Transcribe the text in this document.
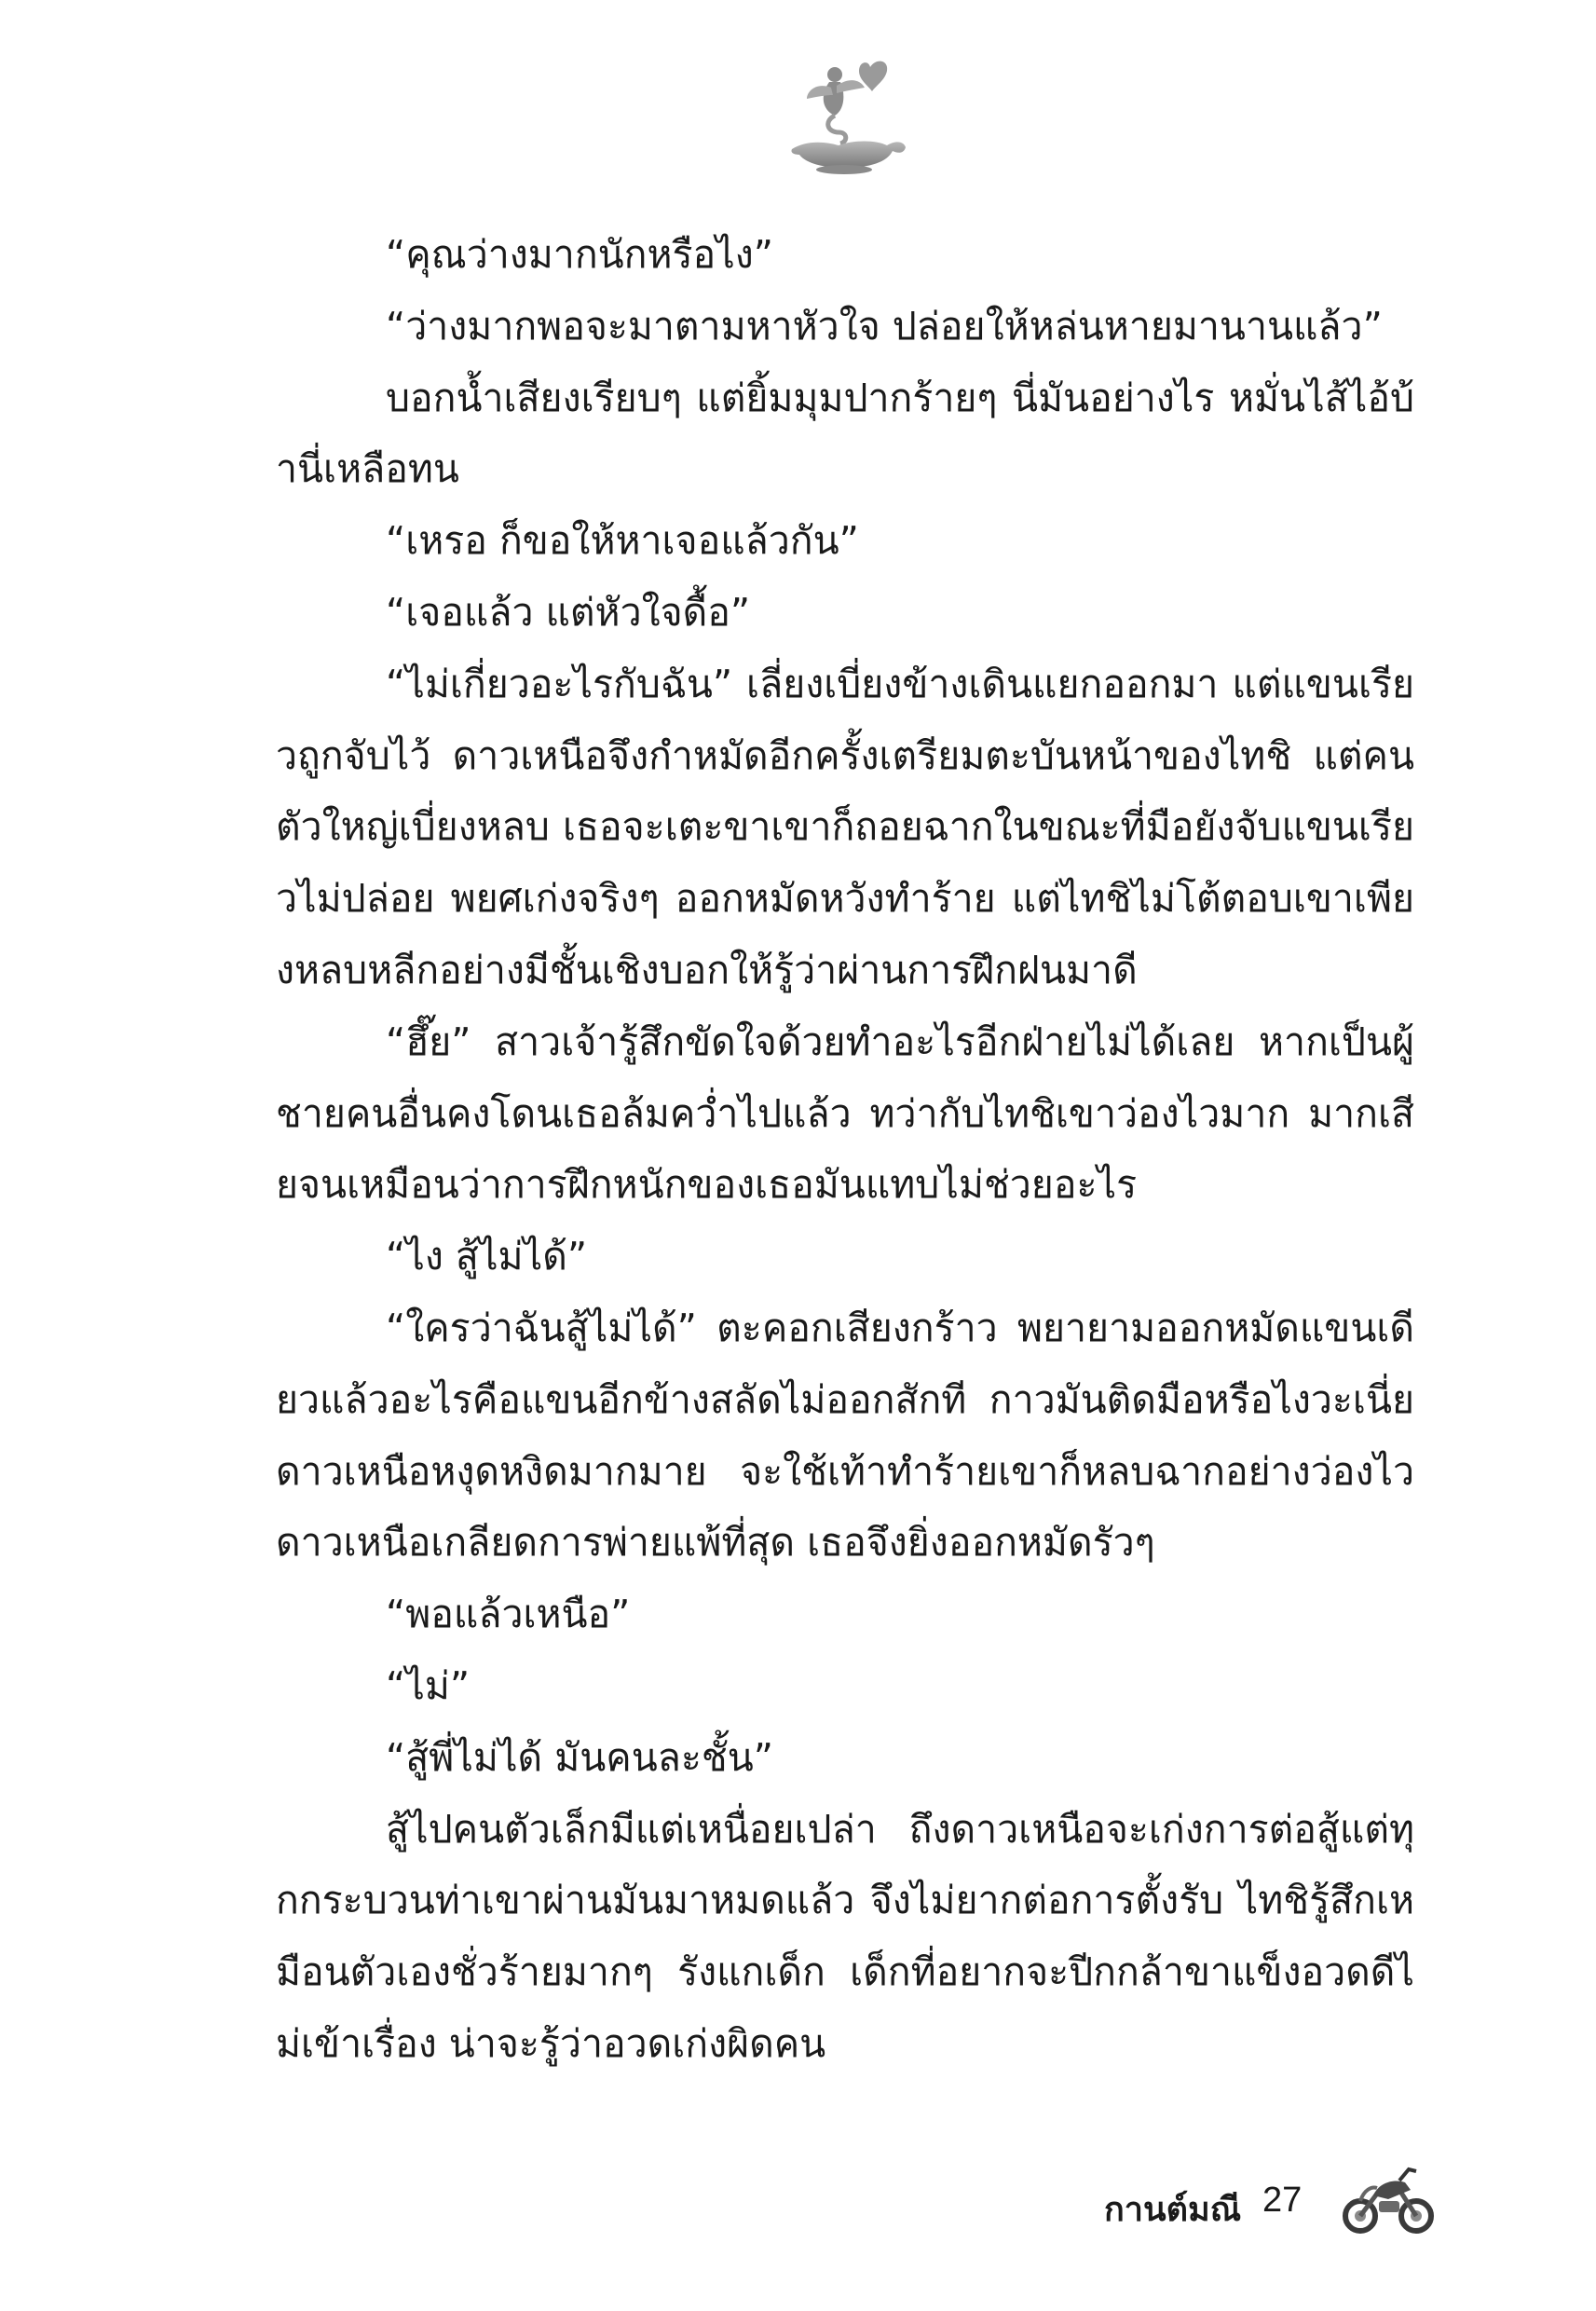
“คุณว่างมากนักหรือไง”

“ว่างมากพอจะมาตามหาหัวใจ ปล่อยให้หล่นหายมานานแล้ว”

บอกน้ำเสียงเรียบๆ แต่ยิ้มมุมปากร้ายๆ นี่มันอย่างไร หมั่นไส้ไอ้บ้านี่เหลือทน

“เหรอ ก็ขอให้หาเจอแล้วกัน”

“เจอแล้ว แต่หัวใจดื้อ”

“ไม่เกี่ยวอะไรกับฉัน” เลี่ยงเบี่ยงข้างเดินแยกออกมา แต่แขนเรียวถูกจับไว้ ดาวเหนือจึงกำหมัดอีกครั้งเตรียมตะบันหน้าของไทชิ แต่คนตัวใหญ่เบี่ยงหลบ เธอจะเตะขาเขาก็ถอยฉากในขณะที่มือยังจับแขนเรียวไม่ปล่อย พยศเก่งจริงๆ ออกหมัดหวังทำร้าย แต่ไทชิไม่โต้ตอบเขาเพียงหลบหลีกอย่างมีชั้นเชิงบอกให้รู้ว่าผ่านการฝึกฝนมาดี

“ฮึ๊ย” สาวเจ้ารู้สึกขัดใจด้วยทำอะไรอีกฝ่ายไม่ได้เลย หากเป็นผู้ชายคนอื่นคงโดนเธอล้มคว่ำไปแล้ว ทว่ากับไทชิเขาว่องไวมาก มากเสียจนเหมือนว่าการฝึกหนักของเธอมันแทบไม่ช่วยอะไร

“ไง สู้ไม่ได้”

“ใครว่าฉันสู้ไม่ได้” ตะคอกเสียงกร้าว พยายามออกหมัดแขนเดียวแล้วอะไรคือแขนอีกข้างสลัดไม่ออกสักที กาวมันติดมือหรือไงวะเนี่ยดาวเหนือหงุดหงิดมากมาย จะใช้เท้าทำร้ายเขาก็หลบฉากอย่างว่องไวดาวเหนือเกลียดการพ่ายแพ้ที่สุด เธอจึงยิ่งออกหมัดรัวๆ

“พอแล้วเหนือ”

“ไม่”

“สู้พี่ไม่ได้ มันคนละชั้น”

สู้ไปคนตัวเล็กมีแต่เหนื่อยเปล่า ถึงดาวเหนือจะเก่งการต่อสู้แต่ทุกกระบวนท่าเขาผ่านมันมาหมดแล้ว จึงไม่ยากต่อการตั้งรับ ไทชิรู้สึกเหมือนตัวเองชั่วร้ายมากๆ รังแกเด็ก เด็กที่อยากจะปีกกล้าขาแข็งอวดดีไม่เข้าเรื่อง น่าจะรู้ว่าอวดเก่งผิดคน

กานต์มณี 27
